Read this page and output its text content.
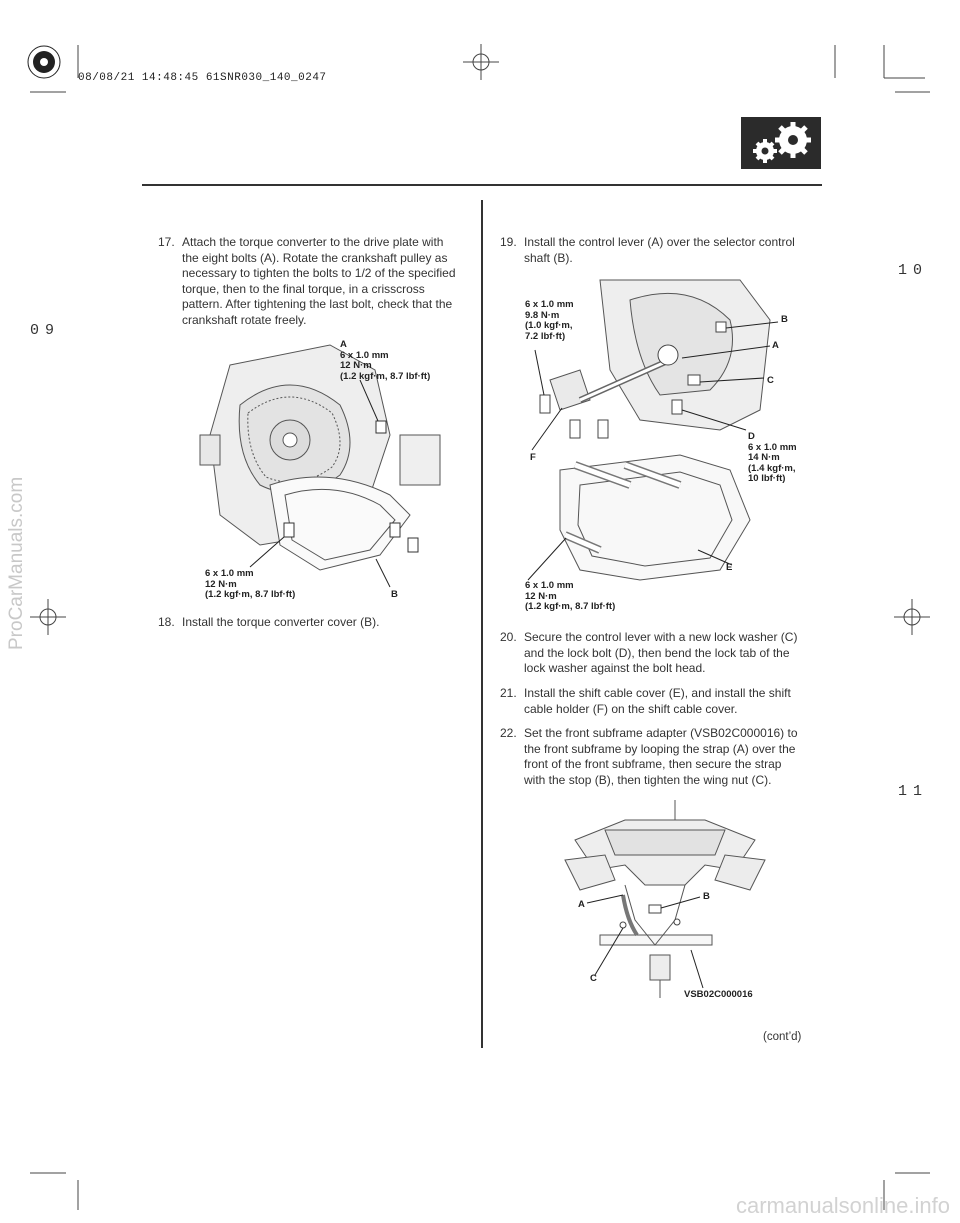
08/08/21 14:48:45 61SNR030_140_0247
09
10
11
17. Attach the torque converter to the drive plate with
the eight bolts (A). Rotate the crankshaft pulley as
necessary to tighten the bolts to 1/2 of the specified
torque, then to the final torque, in a crisscross
pattern. After tightening the last bolt, check that the
crankshaft rotate freely.
A
6 x 1.0 mm
12 N·m
(1.2 kgf·m, 8.7 lbf·ft)
6 x 1.0 mm
12 N·m
(1.2 kgf·m, 8.7 lbf·ft)	B
18. Install the torque converter cover (B).
19. Install the control lever (A) over the selector control
shaft (B).
6 x 1.0 mm
9.8 N·m
(1.0 kgf·m,
7.2 lbf·ft)
B
A
C
D
6 x 1.0 mm
14 N·m
(1.4 kgf·m,
10 lbf·ft)
F
E
6 x 1.0 mm
12 N·m
(1.2 kgf·m, 8.7 lbf·ft)
20. Secure the control lever with a new lock washer (C)
and the lock bolt (D), then bend the lock tab of the
lock washer against the bolt head.
21. Install the shift cable cover (E), and install the shift
cable holder (F) on the shift cable cover.
22. Set the front subframe adapter (VSB02C000016) to
the front subframe by looping the strap (A) over the
front of the front subframe, then secure the strap
with the stop (B), then tighten the wing nut (C).
A
B
C
VSB02C000016
(cont’d)
ProCarManuals.com
carmanualsonline.info
